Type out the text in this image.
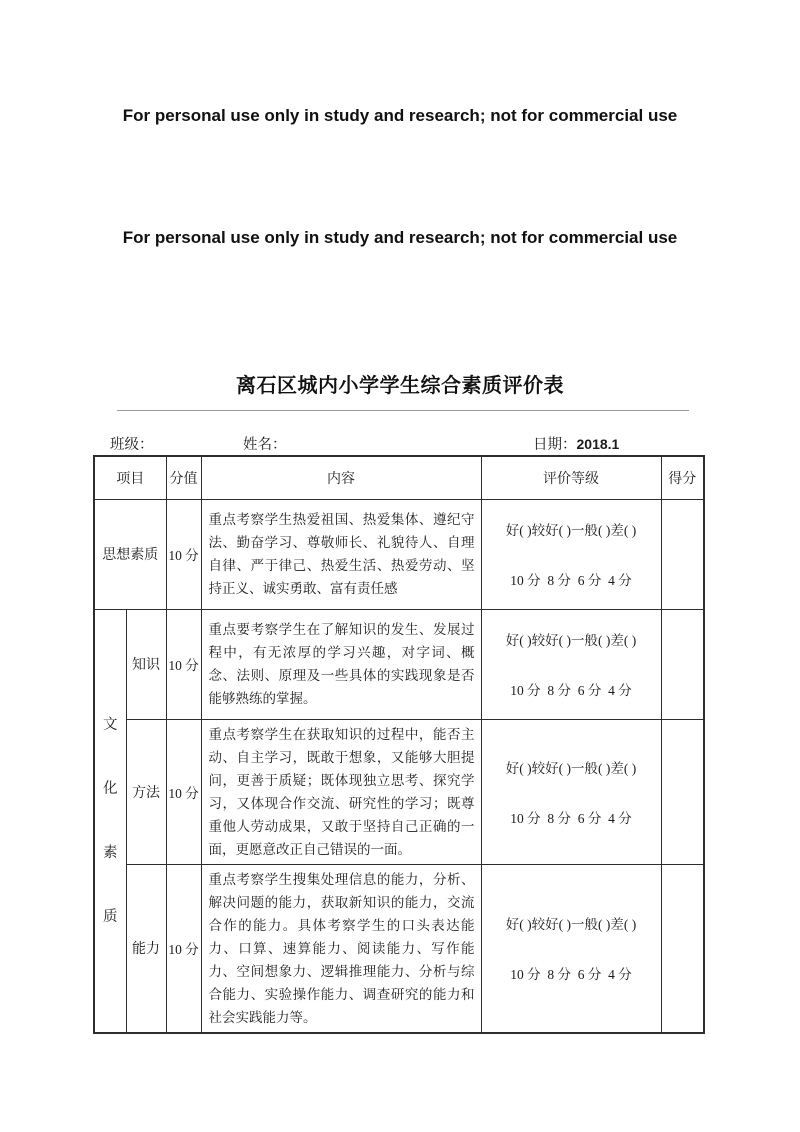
For personal use only in study and research; not for commercial use
For personal use only in study and research; not for commercial use
离石区城内小学学生综合素质评价表
班级：	姓名：	日期：2018.1
项目		分值	内容	评价等级	得分
思想素质		10 分	重点考察学生热爱祖国、热爱集体、遵纪守法、勤奋学习、尊敬师长、礼貌待人、自理自律、严于律己、热爱生活、热爱劳动、坚持正义、诚实勇敢、富有责任感	好( )较好( )一般( )差( )
10 分  8 分  6 分  4 分	

文化素质	知识	10 分	重点要考察学生在了解知识的发生、发展过程中，有无浓厚的学习兴趣，对字词、概念、法则、原理及一些具体的实践现象是否能够熟练的掌握。	好( )较好( )一般( )差( )
10 分  8 分  6 分  4 分	

	方法	10 分	重点考察学生在获取知识的过程中，能否主动、自主学习，既敢于想象，又能够大胆提问，更善于质疑；既体现独立思考、探究学习，又体现合作交流、研究性的学习；既尊重他人劳动成果，又敢于坚持自己正确的一面，更愿意改正自己错误的一面。	好( )较好( )一般( )差( )
10 分  8 分  6 分  4 分	

	能力	10 分	重点考察学生搜集处理信息的能力，分析、解决问题的能力，获取新知识的能力，交流合作的能力。具体考察学生的口头表达能力、口算、速算能力、阅读能力、写作能力、空间想象力、逻辑推理能力、分析与综合能力、实验操作能力、调查研究的能力和社会实践能力等。	好( )较好( )一般( )差( )
10 分  8 分  6 分  4 分	
